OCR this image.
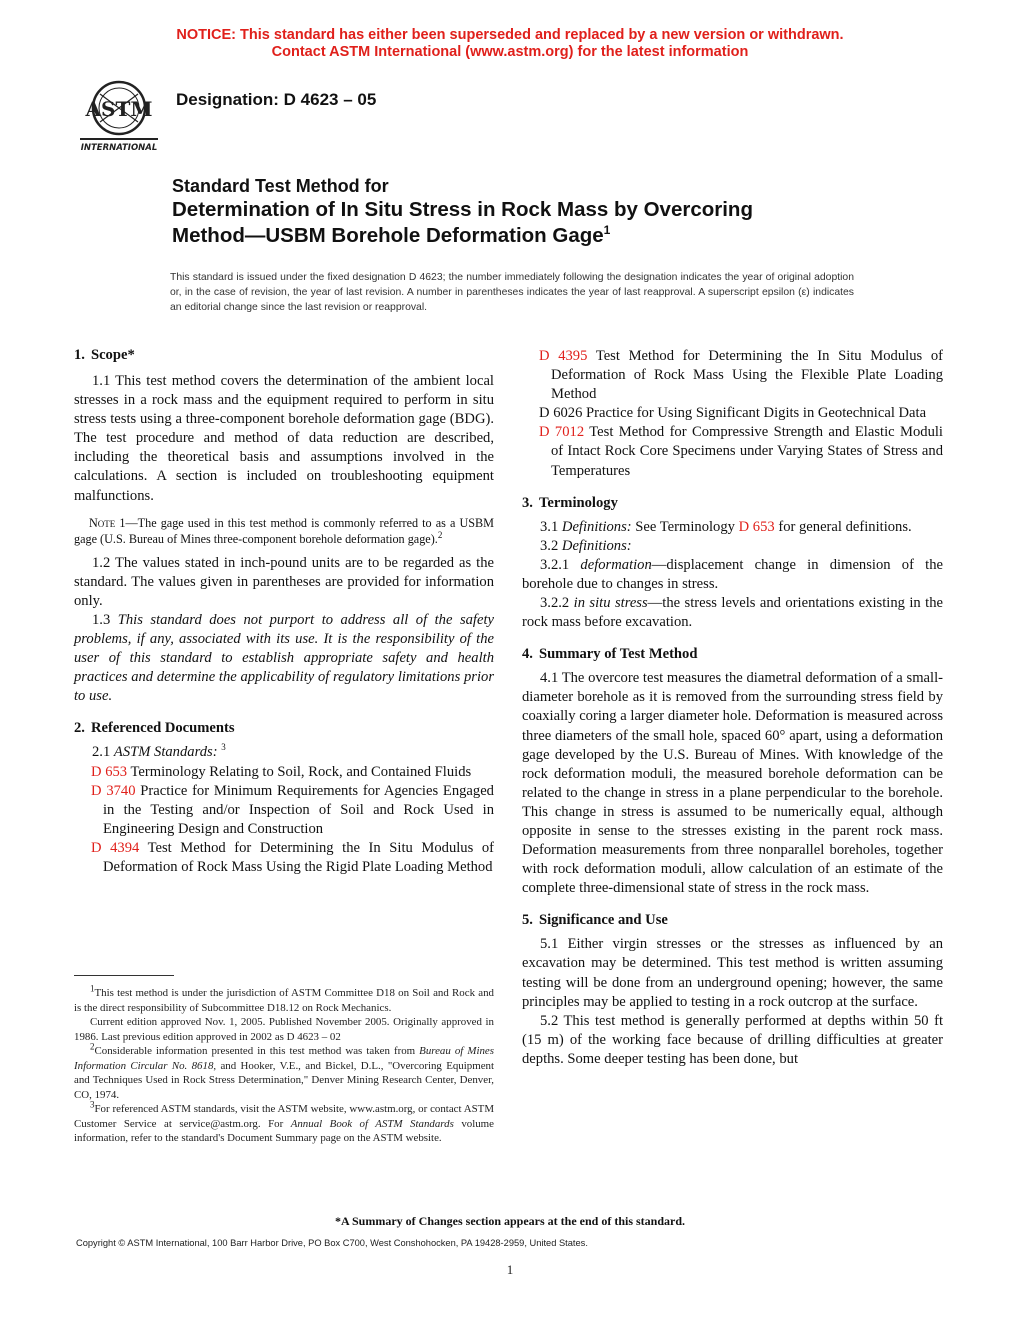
NOTICE: This standard has either been superseded and replaced by a new version or withdrawn.
Contact ASTM International (www.astm.org) for the latest information
ASTM
INTERNATIONAL
Designation: D 4623 – 05
Standard Test Method for
Determination of In Situ Stress in Rock Mass by Overcoring
Method—USBM Borehole Deformation Gage$^1$
This standard is issued under the fixed designation D 4623; the number immediately following the designation indicates the year of original adoption or, in the case of revision, the year of last revision. A number in parentheses indicates the year of last reapproval. A superscript epsilon (ε) indicates an editorial change since the last revision or reapproval.
1. Scope*

1.1 This test method covers the determination of the ambient local stresses in a rock mass and the equipment required to perform in situ stress tests using a three-component borehole deformation gage (BDG). The test procedure and method of data reduction are described, including the theoretical basis and assumptions involved in the calculations. A section is included on troubleshooting equipment malfunctions.

Note 1—The gage used in this test method is commonly referred to as a USBM gage (U.S. Bureau of Mines three-component borehole deformation gage).$^2$

1.2 The values stated in inch-pound units are to be regarded as the standard. The values given in parentheses are provided for information only.

1.3 This standard does not purport to address all of the safety problems, if any, associated with its use. It is the responsibility of the user of this standard to establish appropriate safety and health practices and determine the applicability of regulatory limitations prior to use.

2. Referenced Documents

2.1 ASTM Standards: $^3$

D 653 Terminology Relating to Soil, Rock, and Contained Fluids

D 3740 Practice for Minimum Requirements for Agencies Engaged in the Testing and/or Inspection of Soil and Rock Used in Engineering Design and Construction

D 4394 Test Method for Determining the In Situ Modulus of Deformation of Rock Mass Using the Rigid Plate Loading Method

$^1$This test method is under the jurisdiction of ASTM Committee D18 on Soil and Rock and is the direct responsibility of Subcommittee D18.12 on Rock Mechanics.

Current edition approved Nov. 1, 2005. Published November 2005. Originally approved in 1986. Last previous edition approved in 2002 as D 4623 – 02

$^2$Considerable information presented in this test method was taken from Bureau of Mines Information Circular No. 8618, and Hooker, V.E., and Bickel, D.L., "Overcoring Equipment and Techniques Used in Rock Stress Determination," Denver Mining Research Center, Denver, CO, 1974.

$^3$For referenced ASTM standards, visit the ASTM website, www.astm.org, or contact ASTM Customer Service at service@astm.org. For Annual Book of ASTM Standards volume information, refer to the standard's Document Summary page on the ASTM website.

D 4395 Test Method for Determining the In Situ Modulus of Deformation of Rock Mass Using the Flexible Plate Loading Method

D 6026 Practice for Using Significant Digits in Geotechnical Data

D 7012 Test Method for Compressive Strength and Elastic Moduli of Intact Rock Core Specimens under Varying States of Stress and Temperatures

3. Terminology

3.1 Definitions: See Terminology D 653 for general definitions.

3.2 Definitions:

3.2.1 deformation—displacement change in dimension of the borehole due to changes in stress.

3.2.2 in situ stress—the stress levels and orientations existing in the rock mass before excavation.

4. Summary of Test Method

4.1 The overcore test measures the diametral deformation of a small-diameter borehole as it is removed from the surrounding stress field by coaxially coring a larger diameter hole. Deformation is measured across three diameters of the small hole, spaced 60° apart, using a deformation gage developed by the U.S. Bureau of Mines. With knowledge of the rock deformation moduli, the measured borehole deformation can be related to the change in stress in a plane perpendicular to the borehole. This change in stress is assumed to be numerically equal, although opposite in sense to the stresses existing in the parent rock mass. Deformation measurements from three nonparallel boreholes, together with rock deformation moduli, allow calculation of an estimate of the complete three-dimensional state of stress in the rock mass.

5. Significance and Use

5.1 Either virgin stresses or the stresses as influenced by an excavation may be determined. This test method is written assuming testing will be done from an underground opening; however, the same principles may be applied to testing in a rock outcrop at the surface.

5.2 This test method is generally performed at depths within 50 ft (15 m) of the working face because of drilling difficulties at greater depths. Some deeper testing has been done, but

*A Summary of Changes section appears at the end of this standard.
Copyright © ASTM International, 100 Barr Harbor Drive, PO Box C700, West Conshohocken, PA 19428-2959, United States.
1
